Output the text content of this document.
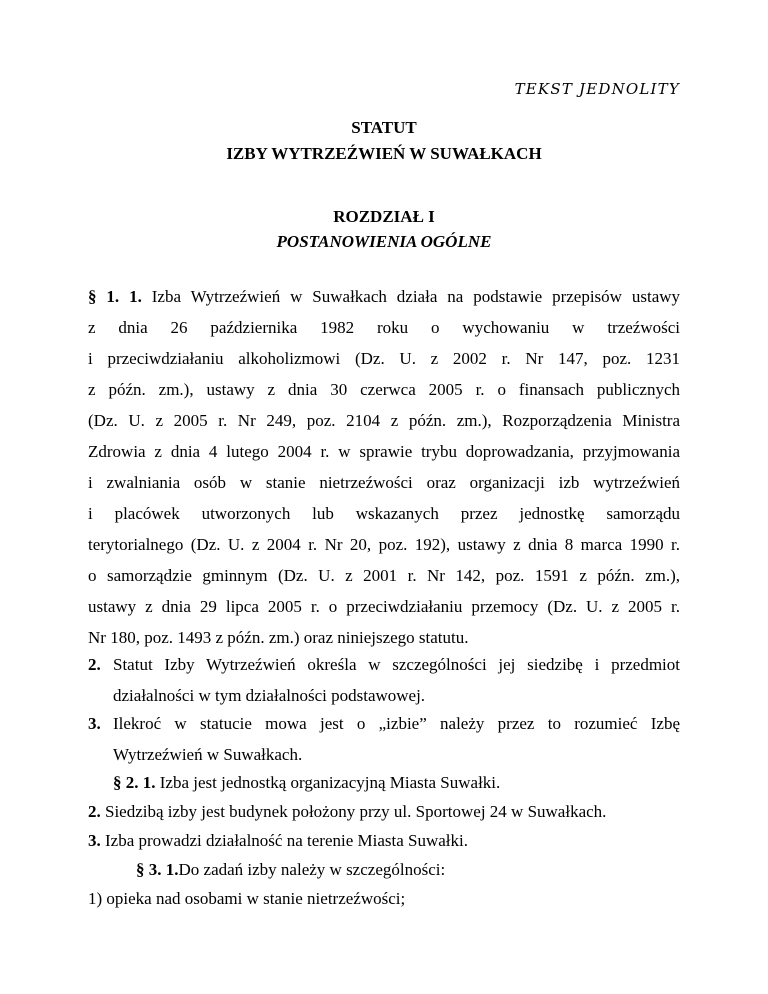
TEKST JEDNOLITY

STATUT

IZBY WYTRZEŹWIEŃ W SUWAŁKACH

ROZDZIAŁ I

POSTANOWIENIA OGÓLNE

§ 1. 1. Izba Wytrzeźwień w Suwałkach działa na podstawie przepisów ustawy

z dnia 26 października 1982 roku o wychowaniu w trzeźwości

i przeciwdziałaniu alkoholizmowi (Dz. U. z 2002 r. Nr 147, poz. 1231

z późn. zm.), ustawy z dnia 30 czerwca 2005 r. o finansach publicznych

(Dz. U. z 2005 r. Nr 249, poz. 2104 z późn. zm.), Rozporządzenia Ministra

Zdrowia z dnia 4 lutego 2004 r. w sprawie trybu doprowadzania, przyjmowania

i zwalniania osób w stanie nietrzeźwości oraz organizacji izb wytrzeźwień

i placówek utworzonych lub wskazanych przez jednostkę samorządu

terytorialnego (Dz. U. z 2004 r. Nr 20, poz. 192), ustawy z dnia 8 marca 1990 r.

o samorządzie gminnym (Dz. U. z 2001 r. Nr 142, poz. 1591 z późn. zm.),

ustawy z dnia 29 lipca 2005 r. o przeciwdziałaniu przemocy (Dz. U. z 2005 r.

Nr 180, poz. 1493 z późn. zm.) oraz niniejszego statutu.

2. Statut Izby Wytrzeźwień określa w szczególności jej siedzibę i przedmiot

działalności w tym działalności podstawowej.

3. Ilekroć w statucie mowa jest o „izbie” należy przez to rozumieć Izbę

Wytrzeźwień w Suwałkach.

§ 2. 1. Izba jest jednostką organizacyjną Miasta Suwałki.

2. Siedzibą izby jest budynek położony przy ul. Sportowej 24 w Suwałkach.

3. Izba prowadzi działalność na terenie Miasta Suwałki.

§ 3. 1.Do zadań izby należy w szczególności:

1) opieka nad osobami w stanie nietrzeźwości;
